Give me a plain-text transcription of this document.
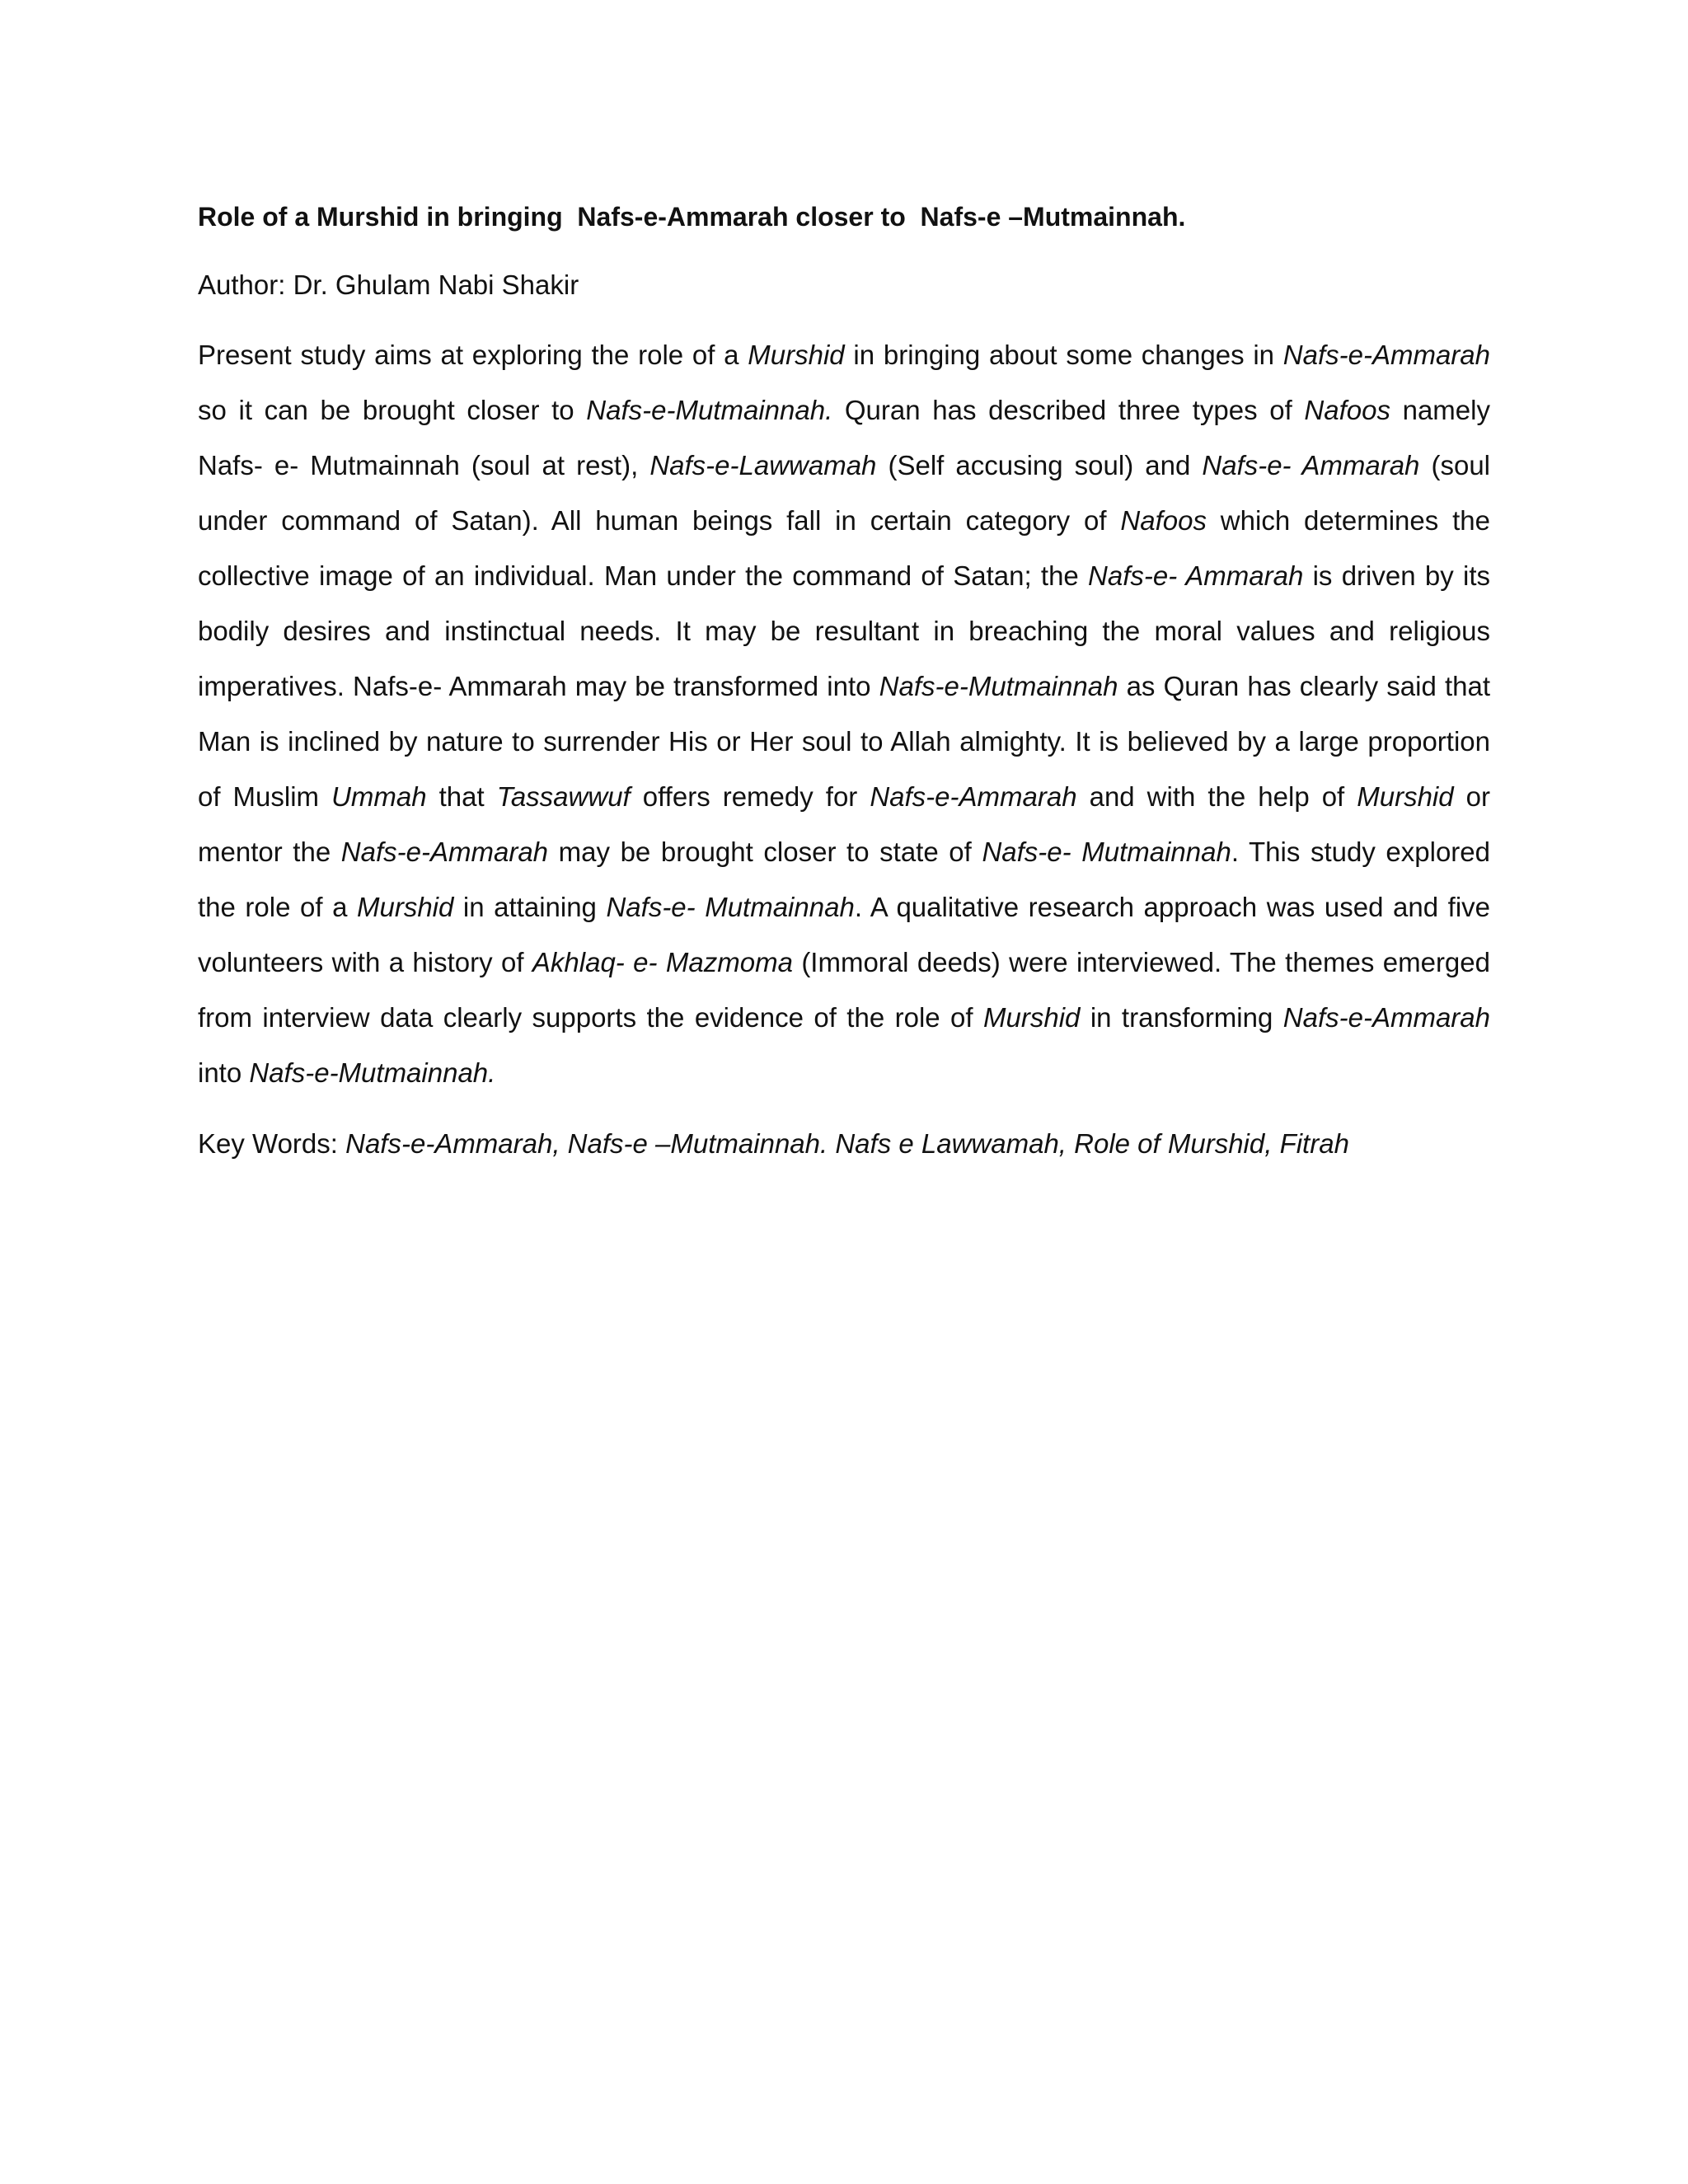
Role of a Murshid in bringing  Nafs-e-Ammarah closer to  Nafs-e –Mutmainnah.

Author: Dr. Ghulam Nabi Shakir
Present study aims at exploring the role of a Murshid in bringing about some changes in Nafs-e-Ammarah so it can be brought closer to Nafs-e-Mutmainnah. Quran has described three types of Nafoos namely Nafs- e- Mutmainnah (soul at rest), Nafs-e-Lawwamah (Self accusing soul) and Nafs-e- Ammarah (soul under command of Satan). All human beings fall in certain category of Nafoos which determines the collective image of an individual. Man under the command of Satan; the Nafs-e- Ammarah is driven by its bodily desires and instinctual needs. It may be resultant in breaching the moral values and religious imperatives. Nafs-e- Ammarah may be transformed into Nafs-e-Mutmainnah as Quran has clearly said that Man is inclined by nature to surrender His or Her soul to Allah almighty. It is believed by a large proportion of Muslim Ummah that Tassawwuf offers remedy for Nafs-e-Ammarah and with the help of Murshid or mentor the Nafs-e-Ammarah may be brought closer to state of Nafs-e- Mutmainnah. This study explored the role of a Murshid in attaining Nafs-e- Mutmainnah. A qualitative research approach was used and five volunteers with a history of Akhlaq- e- Mazmoma (Immoral deeds) were interviewed. The themes emerged from interview data clearly supports the evidence of the role of Murshid in transforming Nafs-e-Ammarah into Nafs-e-Mutmainnah.
Key Words: Nafs-e-Ammarah, Nafs-e –Mutmainnah. Nafs e Lawwamah, Role of Murshid, Fitrah
